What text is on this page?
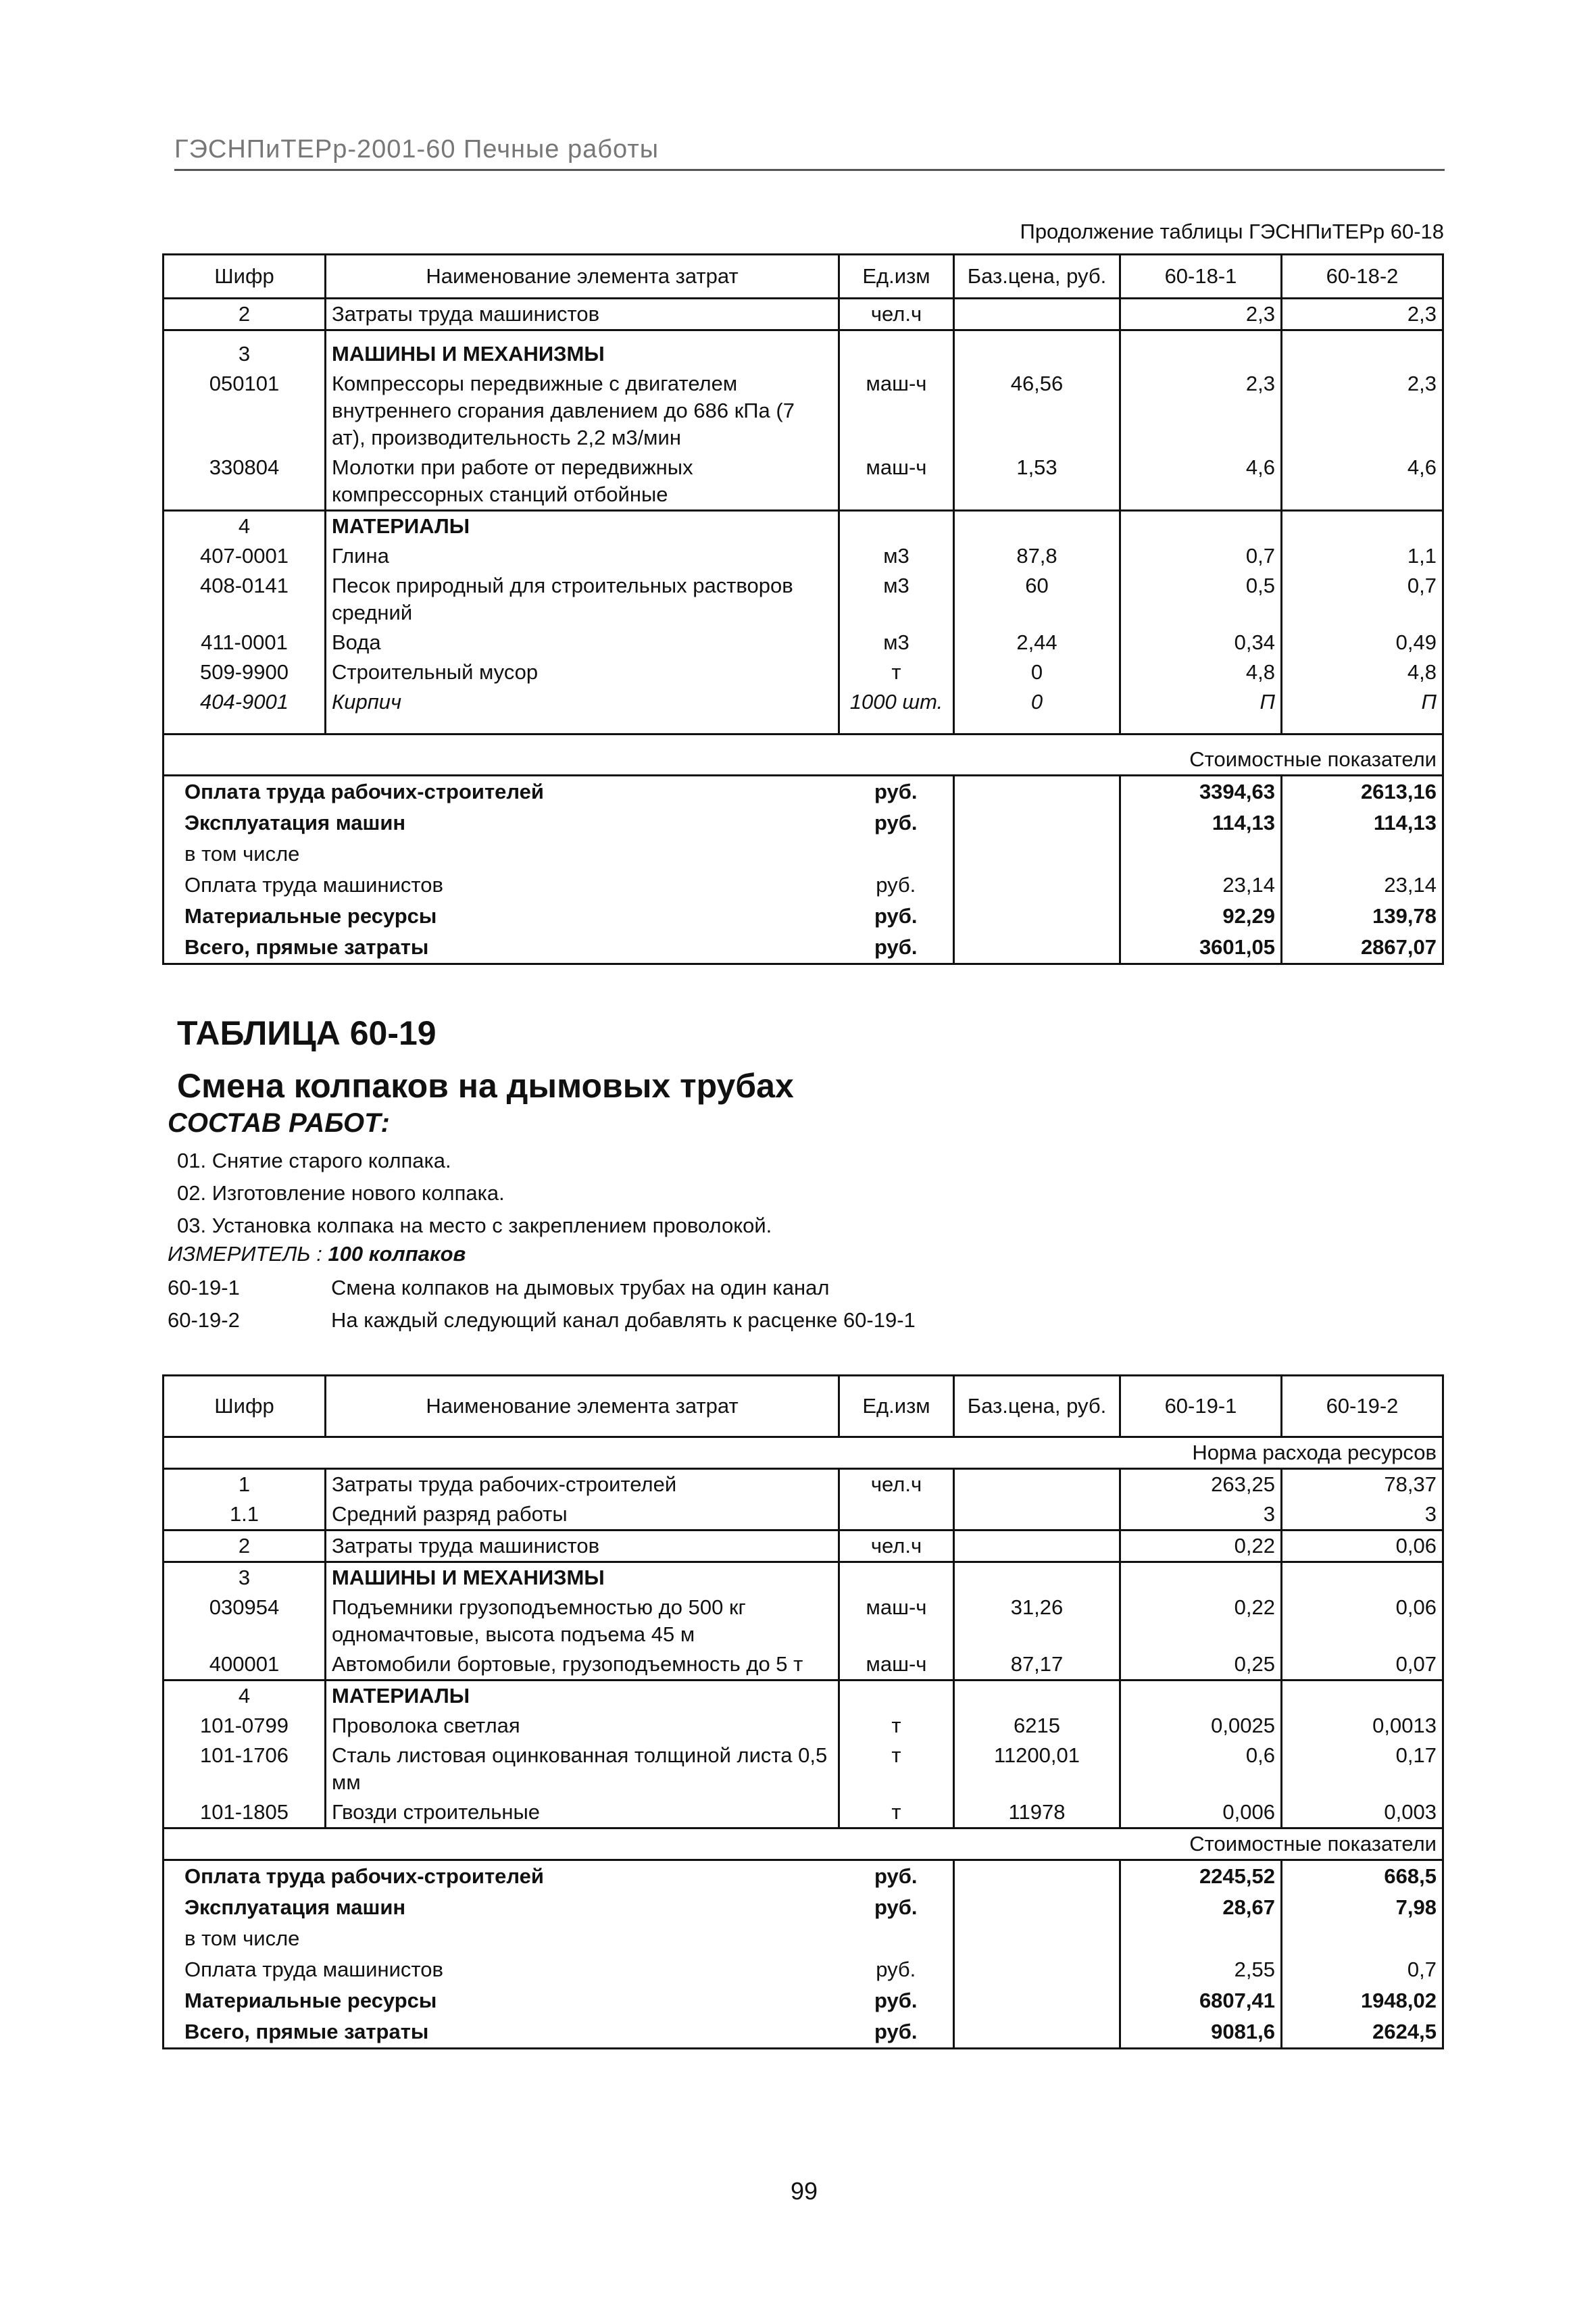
ГЭСНПиТЕРр-2001-60 Печные работы
Продолжение таблицы ГЭСНПиТЕРр 60-18
Шифр	Наименование элемента затрат	Ед.изм	Баз.цена, руб.	60-18-1	60-18-2
2	Затраты труда машинистов	чел.ч		2,3	2,3
3	МАШИНЫ И МЕХАНИЗМЫ				
050101	Компрессоры передвижные с двигателем внутреннего сгорания давлением до 686 кПа (7 ат), производительность 2,2 м3/мин	маш-ч	46,56	2,3	2,3
330804	Молотки при работе от передвижных компрессорных станций отбойные	маш-ч	1,53	4,6	4,6
4	МАТЕРИАЛЫ				
407-0001	Глина	м3	87,8	0,7	1,1
408-0141	Песок природный для строительных растворов средний	м3	60	0,5	0,7
411-0001	Вода	м3	2,44	0,34	0,49
509-9900	Строительный мусор	т	0	4,8	4,8
404-9001	Кирпич	1000 шт.	0	П	П
Стоимостные показатели					
Оплата труда рабочих-строителей		руб.		3394,63	2613,16
Эксплуатация машин		руб.		114,13	114,13
в том числе					
Оплата труда машинистов		руб.		23,14	23,14
Материальные ресурсы		руб.		92,29	139,78
Всего, прямые затраты		руб.		3601,05	2867,07
ТАБЛИЦА 60-19
Смена колпаков на дымовых трубах
СОСТАВ РАБОТ:
01. Снятие старого колпака.
02. Изготовление нового колпака.
03. Установка колпака на место с закреплением проволокой.
ИЗМЕРИТЕЛЬ : 100 колпаков
60-19-1	Смена колпаков на дымовых трубах на один канал
60-19-2	На каждый следующий канал добавлять к расценке 60-19-1
Шифр	Наименование элемента затрат	Ед.изм	Баз.цена, руб.	60-19-1	60-19-2
Норма расхода ресурсов					
1	Затраты труда рабочих-строителей	чел.ч		263,25	78,37
1.1	Средний разряд работы			3	3
2	Затраты труда машинистов	чел.ч		0,22	0,06
3	МАШИНЫ И МЕХАНИЗМЫ				
030954	Подъемники грузоподъемностью до 500 кг одномачтовые, высота подъема 45 м	маш-ч	31,26	0,22	0,06
400001	Автомобили бортовые, грузоподъемность до 5 т	маш-ч	87,17	0,25	0,07
4	МАТЕРИАЛЫ				
101-0799	Проволока светлая	т	6215	0,0025	0,0013
101-1706	Сталь листовая оцинкованная толщиной листа 0,5 мм	т	11200,01	0,6	0,17
101-1805	Гвозди строительные	т	11978	0,006	0,003
Стоимостные показатели					
Оплата труда рабочих-строителей		руб.		2245,52	668,5
Эксплуатация машин		руб.		28,67	7,98
в том числе					
Оплата труда машинистов		руб.		2,55	0,7
Материальные ресурсы		руб.		6807,41	1948,02
Всего, прямые затраты		руб.		9081,6	2624,5
99
